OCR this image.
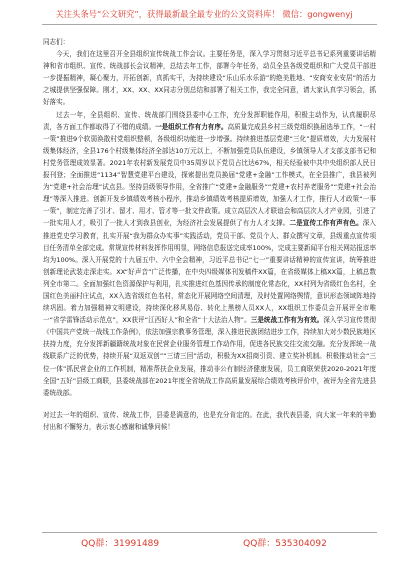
关注头条号“公文研究”，获得最新最全最专业的公文资料库！ 微信：gongwenyj

同志们：

今天，我们在这里召开全县组织宣传统战工作会议。主要任务是，深入学习贯彻习近平总书记系列重要讲话精神和省市组织、宣传、统战部长会议精神，总结去年工作，部署今年任务，动员全县各级党组织和广大党员干部进一步提振精神，凝心聚力，开拓创新，真抓实干，为持续建设“乐山乐水乐游”的绝美胜地、“安商安业安居”的活力之城提供坚强保障。刚才，XX、XX、XX同志分别总结和部署了相关工作，我完全同意，请大家认真学习领会，抓好落实。

过去一年，全县组织、宣传、统战部门围绕县委中心工作，充分发挥职能作用，积极主动作为，认真履职尽责，各方面工作都取得了不错的成绩。一是组织工作有力有序。高质量完成县乡村三级党组织换届选举工作，“一村一策”推进9个软弱涣散村党组织整顿，各级组织功能进一步增强。持续推进基层党建“三化”提质增效，大力发展村级集体经济，全县176个村级集体经济全部达10万元以上，不断加强党员队伍建设，乡镇领导人才支部支部书记和村党务管理成效显著。2021年农村新发展党员中35周岁以下党员占比达67%，相关经验被中共中央组织部人民日报刊登；全面推进“1134”智慧党建平台建设，探索提出党员换届“党建+金融”工作模式，在全县推广，我县被列为“党建+社会治理”试点县。坚持县级领导作用，全省推广“党建+金融服务”“党建+农村养老服务”“党建+社会治理”等深入推进。创新开发乡镇绩效考核小程序，推动乡镇绩效考核提质增效，加强人才工作，推行人才政策“一事一策”，制定完善了引才、留才、用才、管才等一批文件政策。成立高层次人才联谊会和高层次人才产业园，引进了一批实用人才，吸引了一批人才到我县创业，为经济社会发展提供了有力人才支撑。二是宣传工作有声有色。深入推进党史学习教育，扎实开展“我为群众办实事”实践活动，党员干部、党员个人、群众撰写文章，县级重点宣传项目任务清单全部完成。常规宣传材料发挥作用明显，网络信息报送完成率100%，完成主要新闻平台相关网站报送率均为100%。深入开展党的十九届五中、六中全会精神，习近平总书记“七一”重要讲话精神的宣传宣讲，统筹推进创新理论武装走深走实。XX“好声音”广泛传播，在中央四级媒体刊发稿件XX篇，在省级媒体上稿XX篇，上稿总数列全市第二。全面加强红色资源保护与利用，扎实推进红色基因传承的制度化常态化，XX村列为省级红色名村，全国红色美丽村庄试点，XX入选省级红色名村，常态化开展网络空间清理，及时处置网络舆情，意识形态领域阵地持续巩固。着力加强精神文明建设，持续深化移风易俗、转化上黑榜人员XX人，XX组织工作委员会开展评全市唯一“省学雷锋活动示范点”，XX获评“江西好人”和全省“十大法治人物”。三是统战工作有为有效。深入学习宣传贯彻《中国共产党统一战线工作条例》，依法加强宗教事务管理，深入推进民族团结进步工作，持续加大对少数民族地区扶持力度，充分发挥新疆籍统战对象在民营企业服务管理工作动作用，促进各民族交往交流交融。充分发挥统一战线联系广泛的优势，持续开展“双返双创”“三请三回”活动，积极为XX招商引资、建立奖补机制。积极推动社会“三位一体”抓民营企业的工作机制，精准帮扶企业发展，推动非公有制经济健康发展，员工商联荣获2020-2021年度全国“五好”县级工商联，县委统战部在2021年度全省统战工作高质量发展综合绩效考核评价中，被评为全省先进县委统战部。
对过去一年的组织、宣传、统战工作，县委是满意的，也是充分肯定的。在此，我代表县委，向大家一年来的辛勤付出和不懈努力，表示衷心感谢和诚挚问候！

QQ群：31991489	QQ群：535304092
